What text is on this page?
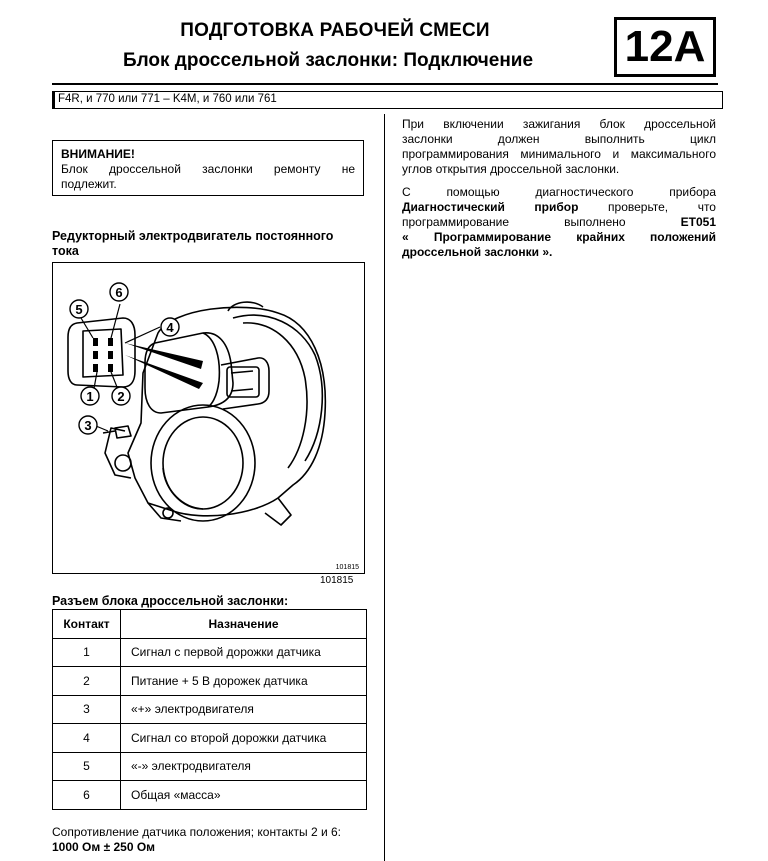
ПОДГОТОВКА РАБОЧЕЙ СМЕСИ
Блок дроссельной заслонки: Подключение	12A
F4R, и 770 или 771 – K4M, и 760 или 761
ВНИМАНИЕ!
Блок дроссельной заслонки ремонту не
подлежит.
Редукторный электродвигатель постоянного
тока
1 2
3
4
5
6
101815
101815
Разъем блока дроссельной заслонки:
Контакт	Назначение
1	Сигнал с первой дорожки датчика
2	Питание + 5 В дорожек датчика
3	«+» электродвигателя
4	Сигнал со второй дорожки датчика
5	«-» электродвигателя
6	Общая «масса»
Сопротивление датчика положения; контакты 2 и 6:
1000 Ом ± 250 Ом
При включении зажигания блок дроссельной
заслонки должен выполнить цикл
программирования минимального и максимального
углов открытия дроссельной заслонки.
С помощью диагностического прибора
Диагностический прибор проверьте, что
программирование выполнено ET051
« Программирование крайних положений
дроссельной заслонки ».
